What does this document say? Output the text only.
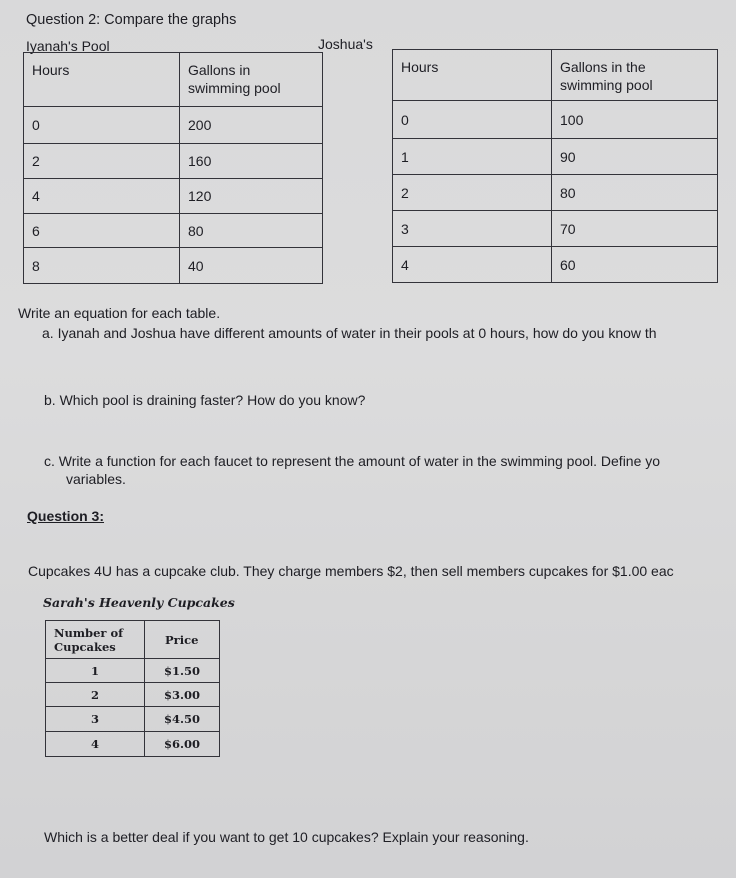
Question 2: Compare the graphs
Iyanah's Pool	Joshua's
Hours	Gallons in
swimming pool
0	200
2	160
4	120
6	80
8	40
Hours	Gallons in the
swimming pool
0	100
1	90
2	80
3	70
4	60
Write an equation for each table.
a. Iyanah and Joshua have different amounts of water in their pools at 0 hours, how do you know th
b. Which pool is draining faster? How do you know?
c. Write a function for each faucet to represent the amount of water in the swimming pool. Define yo
variables.
Question 3:
Cupcakes 4U has a cupcake club. They charge members $2, then sell members cupcakes for $1.00 eac
Sarah's Heavenly Cupcakes
Number of
Cupcakes	Price
1	$1.50
2	$3.00
3	$4.50
4	$6.00
Which is a better deal if you want to get 10 cupcakes? Explain your reasoning.
